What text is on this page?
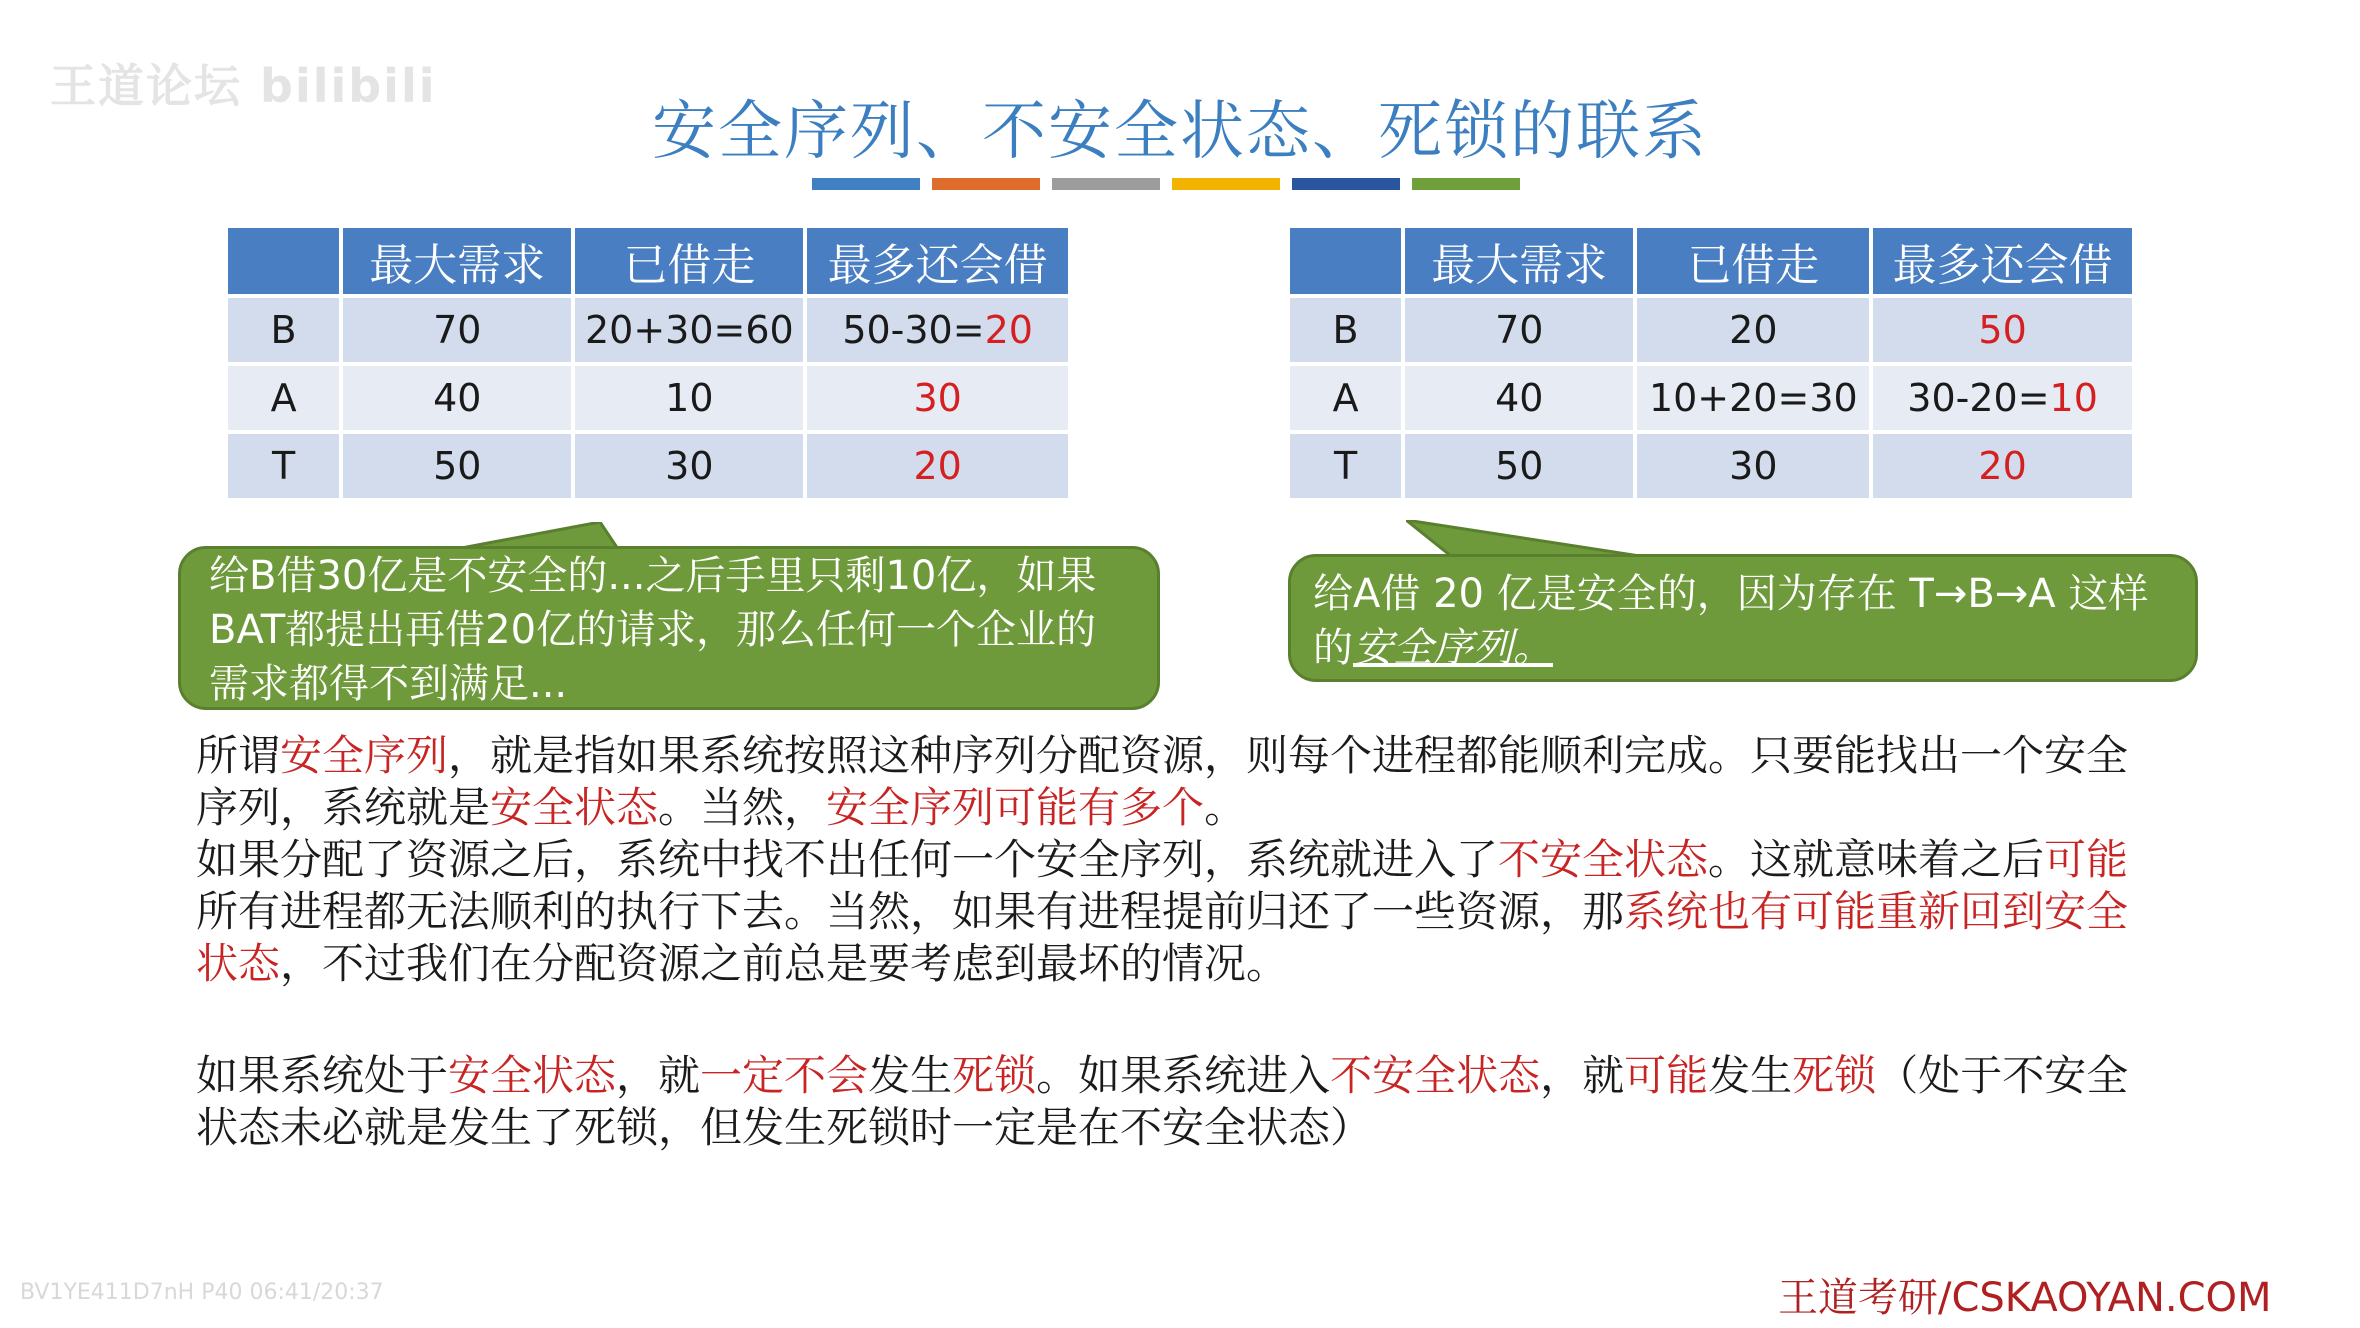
王道论坛 bilibili
安全序列、不安全状态、死锁的联系
	最大需求	已借走	最多还会借
B	70	20+30=60	50-30=20
A	40	10	30
T	50	30	20
	最大需求	已借走	最多还会借
B	70	20	50
A	40	10+20=30	30-20=10
T	50	30	20
给B借30亿是不安全的...之后手里只剩10亿，如果BAT都提出再借20亿的请求，那么任何一个企业的需求都得不到满足...
给A借 20 亿是安全的，因为存在 T→B→A 这样的安全序列。

所谓安全序列，就是指如果系统按照这种序列分配资源，则每个进程都能顺利完成。只要能找出一个安全序列，系统就是安全状态。当然，安全序列可能有多个。

如果分配了资源之后，系统中找不出任何一个安全序列，系统就进入了不安全状态。这就意味着之后可能所有进程都无法顺利的执行下去。当然，如果有进程提前归还了一些资源，那系统也有可能重新回到安全状态，不过我们在分配资源之前总是要考虑到最坏的情况。

如果系统处于安全状态，就一定不会发生死锁。如果系统进入不安全状态，就可能发生死锁（处于不安全状态未必就是发生了死锁，但发生死锁时一定是在不安全状态）

BV1YE411D7nH P40 06:41/20:37	王道考研/CSKAOYAN.COM
